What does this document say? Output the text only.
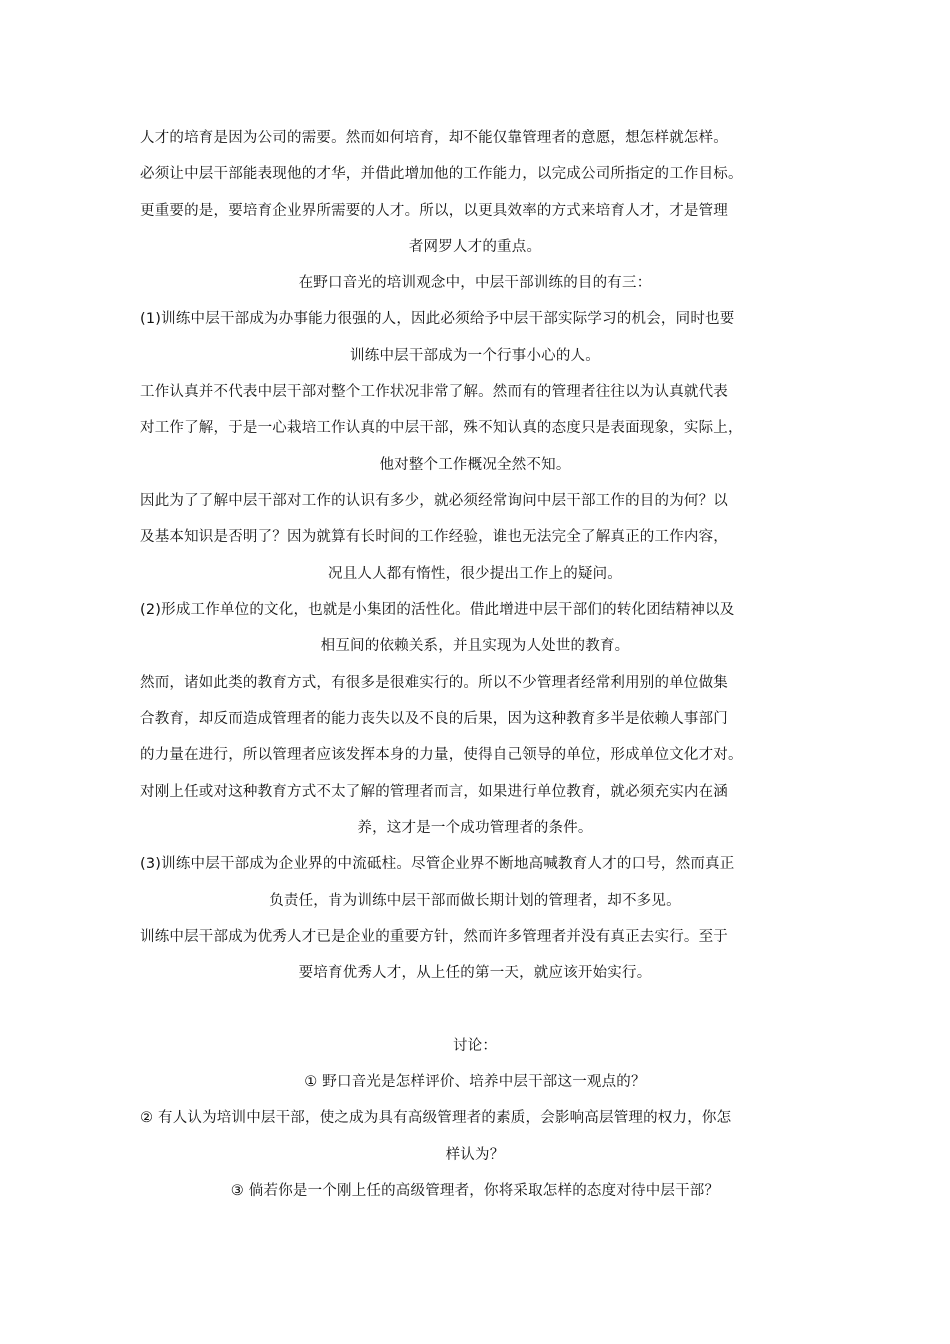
人才的培育是因为公司的需要。然而如何培育，却不能仅靠管理者的意愿，想怎样就怎样。
必须让中层干部能表现他的才华，并借此增加他的工作能力，以完成公司所指定的工作目标。
更重要的是，要培育企业界所需要的人才。所以，以更具效率的方式来培育人才，才是管理
者网罗人才的重点。
在野口音光的培训观念中，中层干部训练的目的有三：
(1)训练中层干部成为办事能力很强的人，因此必须给予中层干部实际学习的机会，同时也要
训练中层干部成为一个行事小心的人。
工作认真并不代表中层干部对整个工作状况非常了解。然而有的管理者往往以为认真就代表
对工作了解，于是一心栽培工作认真的中层干部，殊不知认真的态度只是表面现象，实际上，
他对整个工作概况全然不知。
因此为了了解中层干部对工作的认识有多少，就必须经常询问中层干部工作的目的为何？以
及基本知识是否明了？因为就算有长时间的工作经验，谁也无法完全了解真正的工作内容，
况且人人都有惰性，很少提出工作上的疑问。
(2)形成工作单位的文化，也就是小集团的活性化。借此增进中层干部们的转化团结精神以及
相互间的依赖关系，并且实现为人处世的教育。
然而，诸如此类的教育方式，有很多是很难实行的。所以不少管理者经常利用别的单位做集
合教育，却反而造成管理者的能力丧失以及不良的后果，因为这种教育多半是依赖人事部门
的力量在进行，所以管理者应该发挥本身的力量，使得自己领导的单位，形成单位文化才对。
对刚上任或对这种教育方式不太了解的管理者而言，如果进行单位教育，就必须充实内在涵
养，这才是一个成功管理者的条件。
(3)训练中层干部成为企业界的中流砥柱。尽管企业界不断地高喊教育人才的口号，然而真正
负责任，肯为训练中层干部而做长期计划的管理者，却不多见。
训练中层干部成为优秀人才已是企业的重要方针，然而许多管理者并没有真正去实行。至于
要培育优秀人才，从上任的第一天，就应该开始实行。
讨论：
① 野口音光是怎样评价、培养中层干部这一观点的？
② 有人认为培训中层干部，使之成为具有高级管理者的素质，会影响高层管理的权力，你怎
样认为？
③ 倘若你是一个刚上任的高级管理者，你将采取怎样的态度对待中层干部？
